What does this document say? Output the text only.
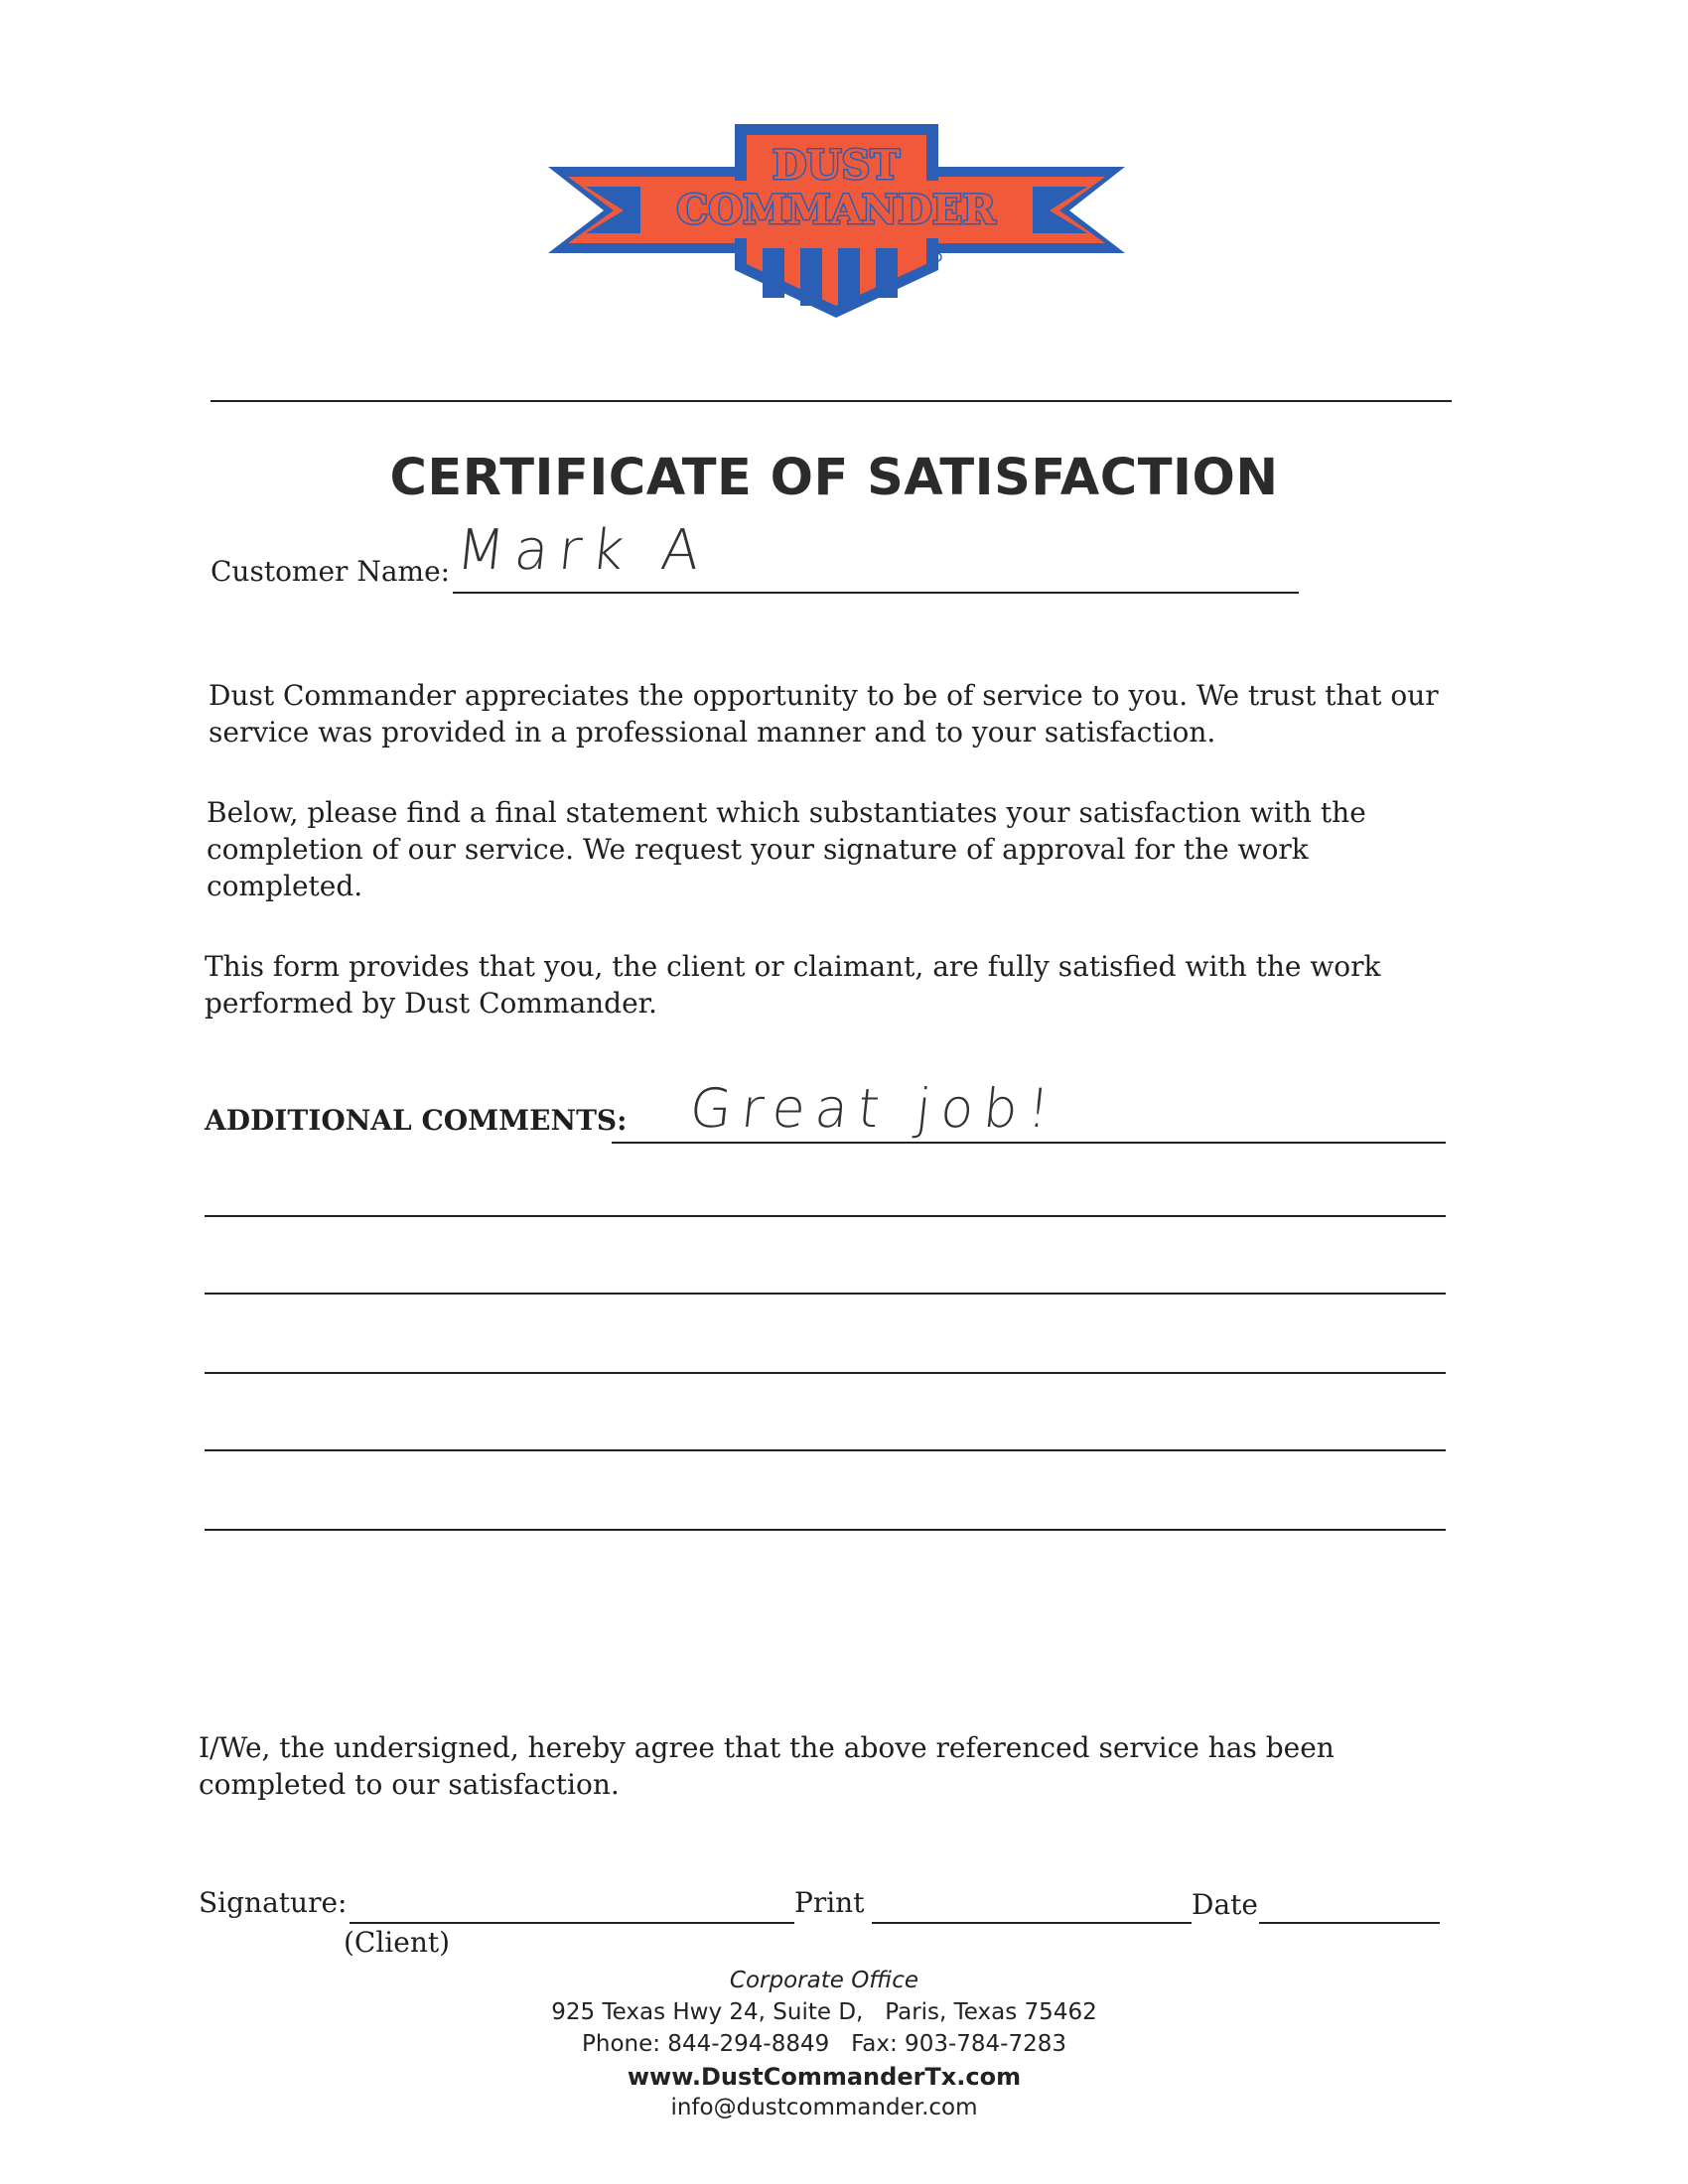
DUST
COMMANDER
CERTIFICATE OF SATISFACTION
Customer Name: Mark A
Dust Commander appreciates the opportunity to be of service to you. We trust that our service was provided in a professional manner and to your satisfaction.
Below, please find a final statement which substantiates your satisfaction with the completion of our service. We request your signature of approval for the work completed.
This form provides that you, the client or claimant, are fully satisfied with the work performed by Dust Commander.
ADDITIONAL COMMENTS: Great job!
I/We, the undersigned, hereby agree that the above referenced service has been completed to our satisfaction.
Signature:
(Client)
Print	Date
Corporate Office
925 Texas Hwy 24, Suite D,   Paris, Texas 75462
Phone: 844-294-8849   Fax: 903-784-7283
www.DustCommanderTx.com
info@dustcommander.com
